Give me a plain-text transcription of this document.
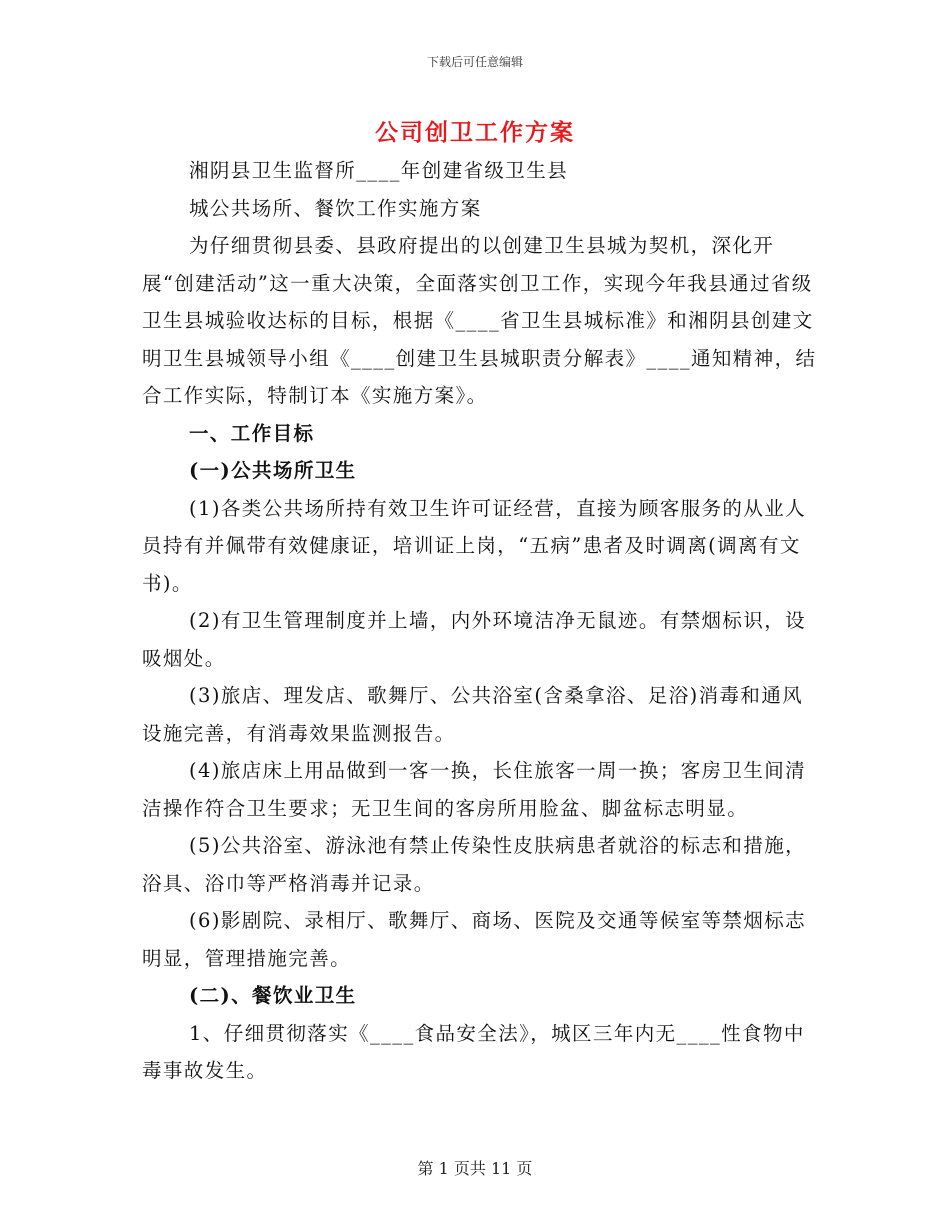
下载后可任意编辑
公司创卫工作方案

湘阴县卫生监督所____年创建省级卫生县

城公共场所、餐饮工作实施方案

为仔细贯彻县委、县政府提出的以创建卫生县城为契机，深化开展“创建活动”这一重大决策，全面落实创卫工作，实现今年我县通过省级卫生县城验收达标的目标，根据《____省卫生县城标准》和湘阴县创建文明卫生县城领导小组《____创建卫生县城职责分解表》____通知精神，结合工作实际，特制订本《实施方案》。

一、工作目标

(一)公共场所卫生

(1)各类公共场所持有效卫生许可证经营，直接为顾客服务的从业人员持有并佩带有效健康证，培训证上岗，“五病”患者及时调离(调离有文书)。

(2)有卫生管理制度并上墙，内外环境洁净无鼠迹。有禁烟标识，设吸烟处。

(3)旅店、理发店、歌舞厅、公共浴室(含桑拿浴、足浴)消毒和通风设施完善，有消毒效果监测报告。

(4)旅店床上用品做到一客一换，长住旅客一周一换；客房卫生间清洁操作符合卫生要求；无卫生间的客房所用脸盆、脚盆标志明显。

(5)公共浴室、游泳池有禁止传染性皮肤病患者就浴的标志和措施，浴具、浴巾等严格消毒并记录。

(6)影剧院、录相厅、歌舞厅、商场、医院及交通等候室等禁烟标志明显，管理措施完善。

(二)、餐饮业卫生

1、仔细贯彻落实《____食品安全法》，城区三年内无____性食物中毒事故发生。

第 1 页共 11 页
